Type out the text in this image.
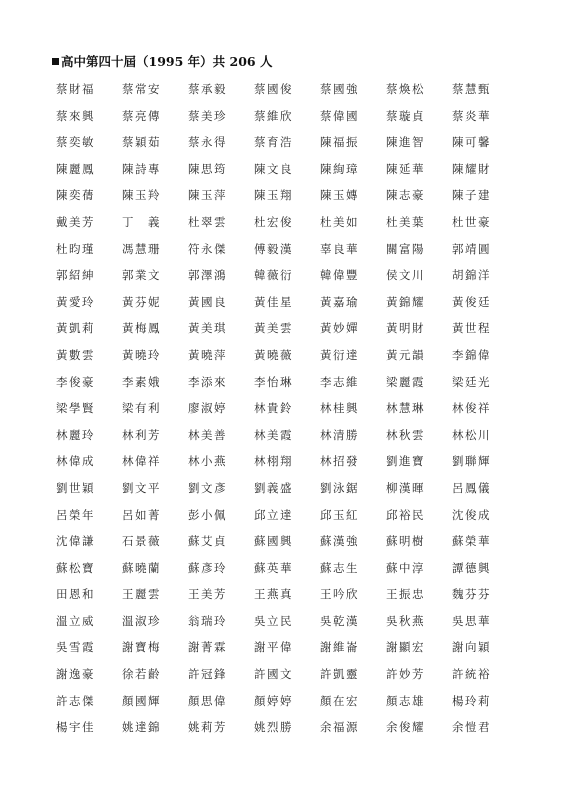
高中第四十屆（1995 年）共 206 人
蔡財福	蔡常安	蔡承毅	蔡國俊	蔡國強	蔡煥松	蔡慧甄
蔡來興	蔡亮傳	蔡美珍	蔡維欣	蔡偉國	蔡璇貞	蔡炎華
蔡奕敏	蔡穎茹	蔡永得	蔡育浩	陳福振	陳進智	陳可馨
陳麗鳳	陳詩專	陳思筠	陳文良	陳絢璋	陳延華	陳耀財
陳奕蒨	陳玉羚	陳玉萍	陳玉翔	陳玉嫥	陳志豪	陳子建
戴美芳	丁　義	杜翠雲	杜宏俊	杜美如	杜美葉	杜世豪
杜昀瑾	馮慧珊	符永傑	傅毅漢	辜良華	關富陽	郭靖圓
郭紹紳	郭業文	郭澤鴻	韓薇衍	韓偉豐	侯文川	胡錦洋
黃愛玲	黃芬妮	黃國良	黃佳星	黃嘉瑜	黃錦耀	黃俊廷
黃凱莉	黃梅鳳	黃美琪	黃美雲	黃妙嬋	黃明財	黃世程
黃數雲	黃曉玲	黃曉萍	黃曉薇	黃衍達	黃元韻	李錦偉
李俊豪	李素娥	李添來	李怡琳	李志維	梁麗霞	梁廷光
梁學賢	梁有利	廖淑婷	林貴鈴	林桂興	林慧琳	林俊祥
林麗玲	林利芳	林美善	林美霞	林清勝	林秋雲	林松川
林偉成	林偉祥	林小燕	林栩翔	林招發	劉進寶	劉聯輝
劉世穎	劉文平	劉文彥	劉義盛	劉泳鋸	柳漢暉	呂鳳儀
呂榮年	呂如菁	彭小佩	邱立達	邱玉紅	邱裕民	沈俊成
沈偉謙	石景薇	蘇艾貞	蘇國興	蘇漢強	蘇明樹	蘇榮華
蘇松寶	蘇曉蘭	蘇彥玲	蘇英華	蘇志生	蘇中淳	譚德興
田恩和	王麗雲	王美芳	王燕真	王吟欣	王振忠	魏芬芬
溫立威	溫淑珍	翁瑞玲	吳立民	吳乾漢	吳秋燕	吳思華
吳雪霞	謝寶梅	謝菁霖	謝平偉	謝維崙	謝顯宏	謝向穎
謝逸豪	徐若齡	許冠鋒	許國文	許凱靈	許妙芳	許統裕
許志傑	顏國輝	顏思偉	顏婷婷	顏在宏	顏志雄	楊玲莉
楊宇佳	姚達錦	姚莉芳	姚烈勝	余福源	余俊耀	余愷君
